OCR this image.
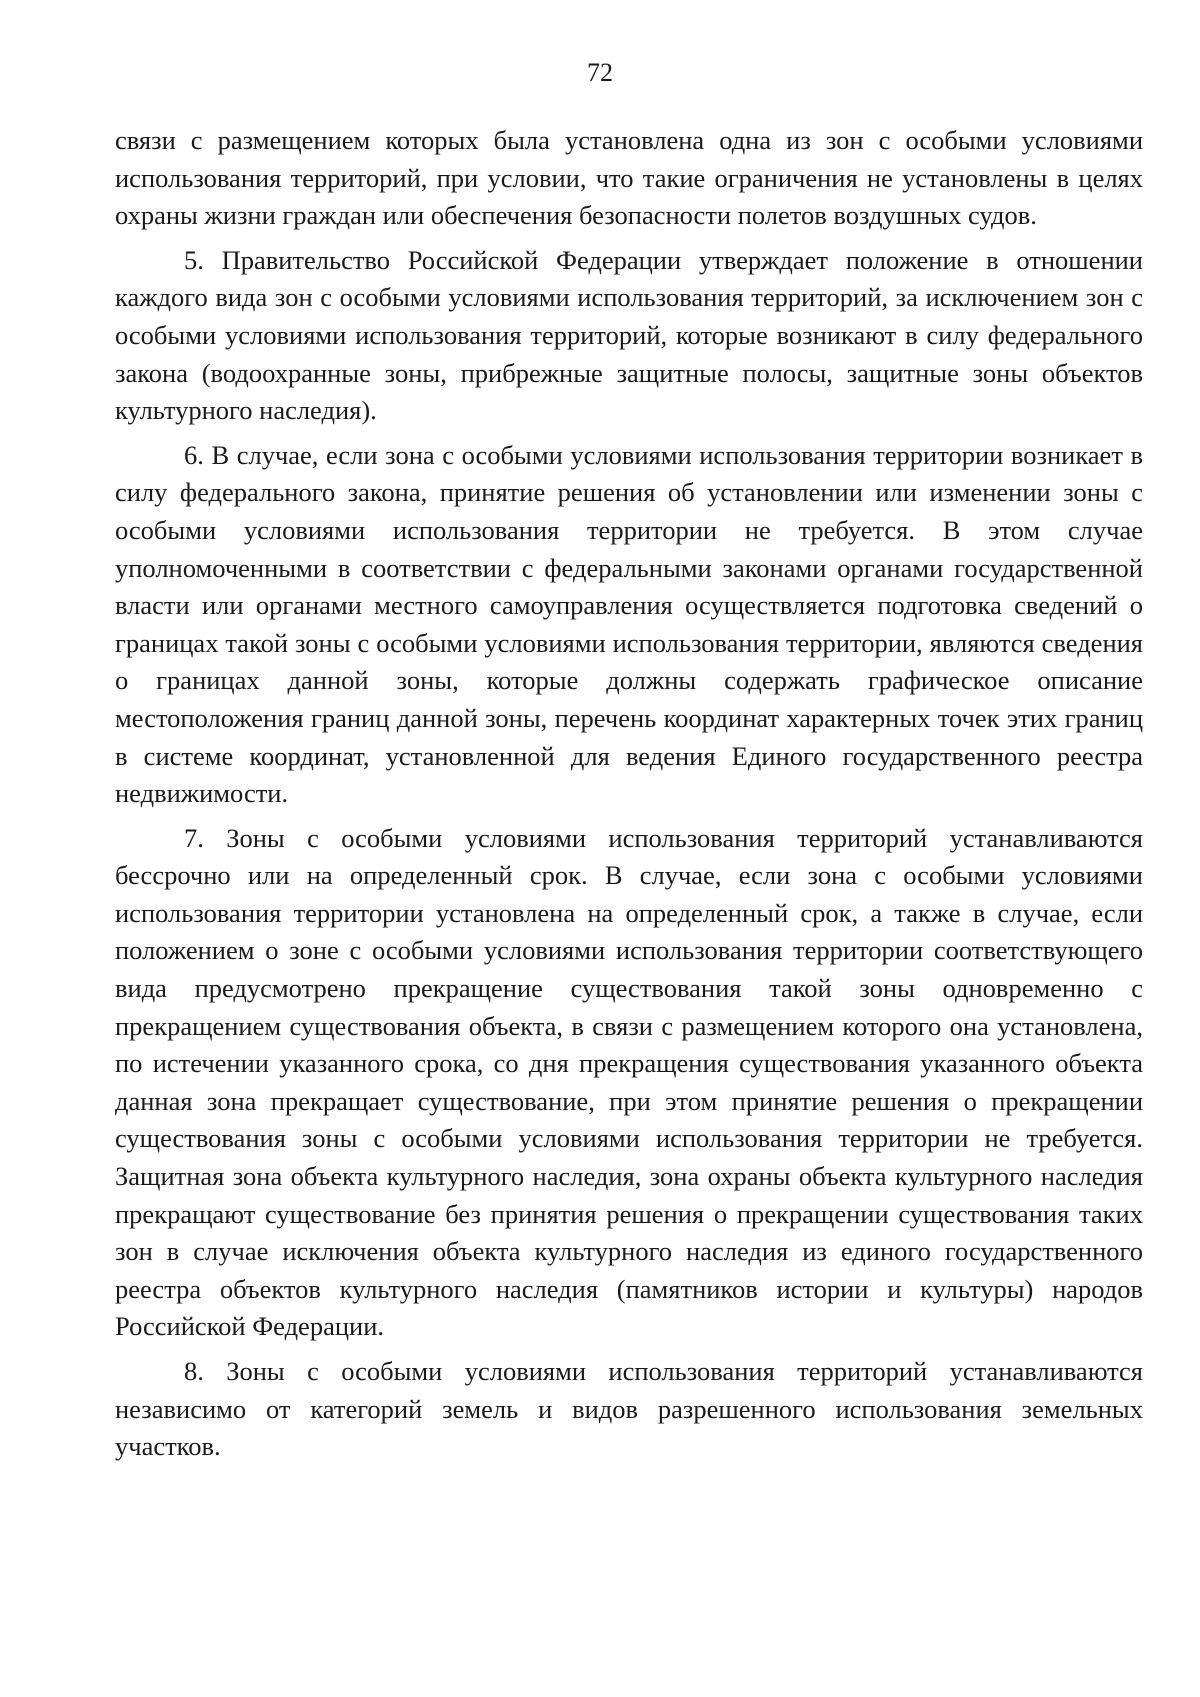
72

связи с размещением которых была установлена одна из зон с особыми условиями использования территорий, при условии, что такие ограничения не установлены в целях охраны жизни граждан или обеспечения безопасности полетов воздушных судов.

5. Правительство Российской Федерации утверждает положение в отношении каждого вида зон с особыми условиями использования территорий, за исключением зон с особыми условиями использования территорий, которые возникают в силу федерального закона (водоохранные зоны, прибрежные защитные полосы, защитные зоны объектов культурного наследия).

6. В случае, если зона с особыми условиями использования территории возникает в силу федерального закона, принятие решения об установлении или изменении зоны с особыми условиями использования территории не требуется. В этом случае уполномоченными в соответствии с федеральными законами органами государственной власти или органами местного самоуправления осуществляется подготовка сведений о границах такой зоны с особыми условиями использования территории, являются сведения о границах данной зоны, которые должны содержать графическое описание местоположения границ данной зоны, перечень координат характерных точек этих границ в системе координат, установленной для ведения Единого государственного реестра недвижимости.

7. Зоны с особыми условиями использования территорий устанавливаются бессрочно или на определенный срок. В случае, если зона с особыми условиями использования территории установлена на определенный срок, а также в случае, если положением о зоне с особыми условиями использования территории соответствующего вида предусмотрено прекращение существования такой зоны одновременно с прекращением существования объекта, в связи с размещением которого она установлена, по истечении указанного срока, со дня прекращения существования указанного объекта данная зона прекращает существование, при этом принятие решения о прекращении существования зоны с особыми условиями использования территории не требуется. Защитная зона объекта культурного наследия, зона охраны объекта культурного наследия прекращают существование без принятия решения о прекращении существования таких зон в случае исключения объекта культурного наследия из единого государственного реестра объектов культурного наследия (памятников истории и культуры) народов Российской Федерации.

8. Зоны с особыми условиями использования территорий устанавливаются независимо от категорий земель и видов разрешенного использования земельных участков.
